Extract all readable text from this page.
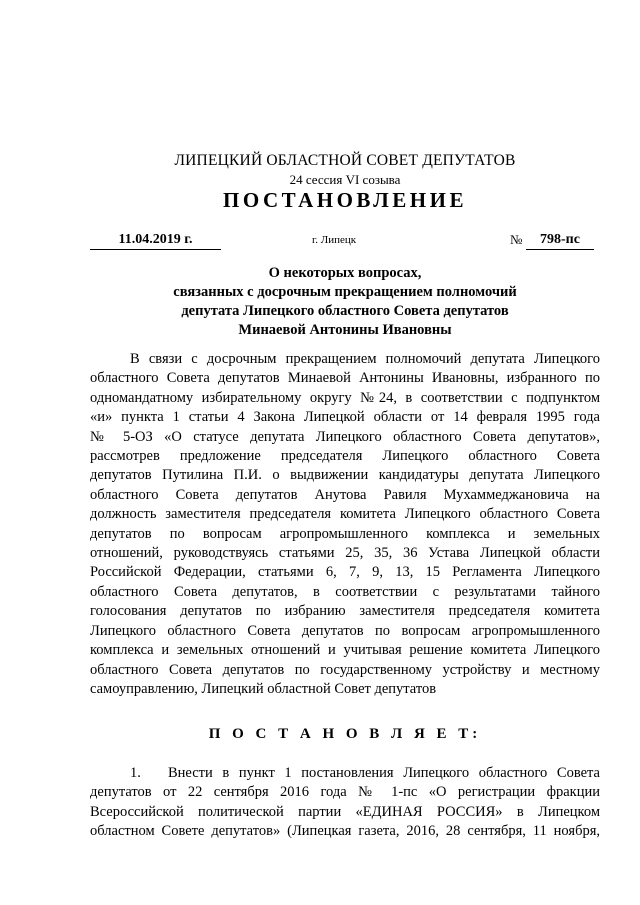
ЛИПЕЦКИЙ ОБЛАСТНОЙ СОВЕТ ДЕПУТАТОВ
24 сессия VI созыва
ПОСТАНОВЛЕНИЕ
11.04.2019 г.	г. Липецк	№	798-пс
О некоторых вопросах,
связанных с досрочным прекращением полномочий
депутата Липецкого областного Совета депутатов
Минаевой Антонины Ивановны
В связи с досрочным прекращением полномочий депутата Липецкого
областного Совета депутатов Минаевой Антонины Ивановны, избранного по
одномандатному избирательному округу №24, в соответствии с подпунктом
«и» пункта 1 статьи 4 Закона Липецкой области от 14 февраля 1995 года
№ 5-ОЗ «О статусе депутата Липецкого областного Совета депутатов»,
рассмотрев предложение председателя Липецкого областного Совета
депутатов Путилина П.И. о выдвижении кандидатуры депутата Липецкого
областного Совета депутатов Анутова Равиля Мухаммеджановича на
должность заместителя председателя комитета Липецкого областного Совета
депутатов по вопросам агропромышленного комплекса и земельных
отношений, руководствуясь статьями 25, 35, 36 Устава Липецкой области
Российской Федерации, статьями 6, 7, 9, 13, 15 Регламента Липецкого
областного Совета депутатов, в соответствии с результатами тайного
голосования депутатов по избранию заместителя председателя комитета
Липецкого областного Совета депутатов по вопросам агропромышленного
комплекса и земельных отношений и учитывая решение комитета Липецкого
областного Совета депутатов по государственному устройству и местному
самоуправлению, Липецкий областной Совет депутатов
П О С Т А Н О В Л Я Е Т:
1. Внести в пункт 1 постановления Липецкого областного Совета
депутатов от 22 сентября 2016 года № 1-пс «О регистрации фракции
Всероссийской политической партии «ЕДИНАЯ РОССИЯ» в Липецком
областном Совете депутатов» (Липецкая газета, 2016, 28 сентября, 11 ноября,
